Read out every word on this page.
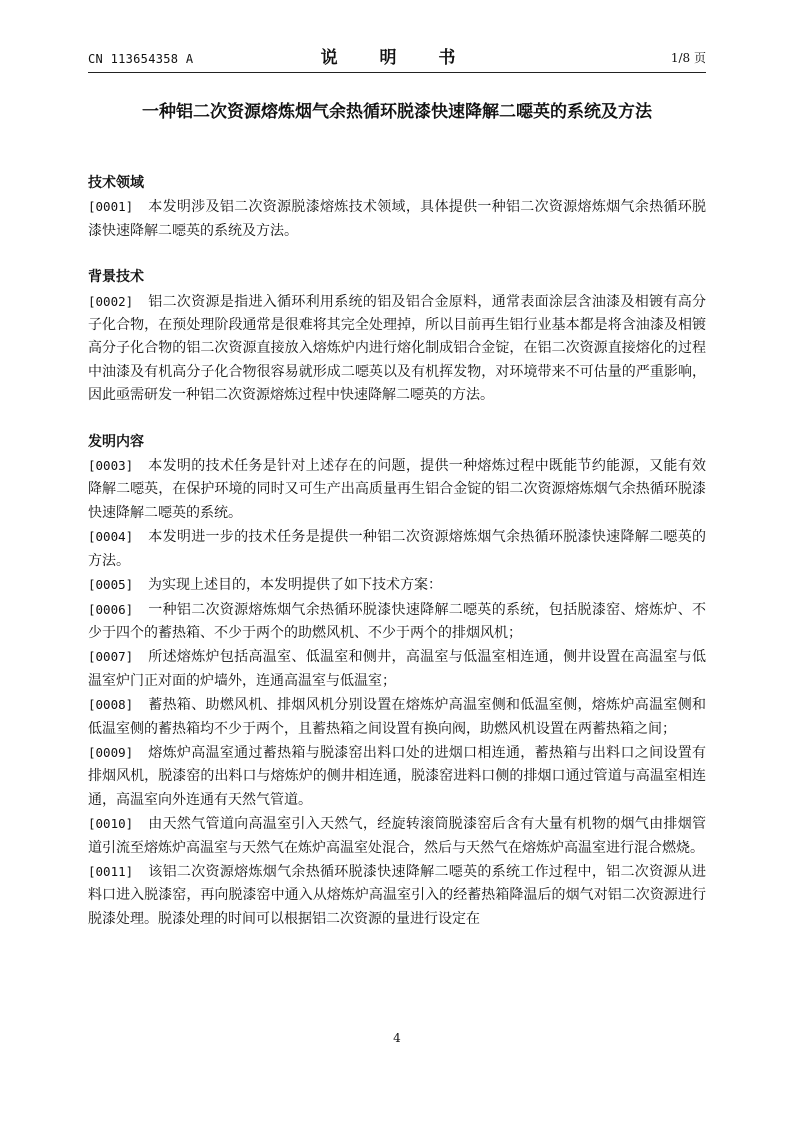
CN 113654358 A	说 明 书	1/8 页
一种铝二次资源熔炼烟气余热循环脱漆快速降解二噁英的系统及方法
技术领域

[0001] 本发明涉及铝二次资源脱漆熔炼技术领域，具体提供一种铝二次资源熔炼烟气余热循环脱漆快速降解二噁英的系统及方法。

背景技术

[0002] 铝二次资源是指进入循环利用系统的铝及铝合金原料，通常表面涂层含油漆及相镀有高分子化合物，在预处理阶段通常是很难将其完全处理掉，所以目前再生铝行业基本都是将含油漆及相镀高分子化合物的铝二次资源直接放入熔炼炉内进行熔化制成铝合金锭，在铝二次资源直接熔化的过程中油漆及有机高分子化合物很容易就形成二噁英以及有机挥发物，对环境带来不可估量的严重影响，因此亟需研发一种铝二次资源熔炼过程中快速降解二噁英的方法。

发明内容

[0003] 本发明的技术任务是针对上述存在的问题，提供一种熔炼过程中既能节约能源，又能有效降解二噁英，在保护环境的同时又可生产出高质量再生铝合金锭的铝二次资源熔炼烟气余热循环脱漆快速降解二噁英的系统。

[0004] 本发明进一步的技术任务是提供一种铝二次资源熔炼烟气余热循环脱漆快速降解二噁英的方法。

[0005] 为实现上述目的，本发明提供了如下技术方案：

[0006] 一种铝二次资源熔炼烟气余热循环脱漆快速降解二噁英的系统，包括脱漆窑、熔炼炉、不少于四个的蓄热箱、不少于两个的助燃风机、不少于两个的排烟风机；

[0007] 所述熔炼炉包括高温室、低温室和侧井，高温室与低温室相连通，侧井设置在高温室与低温室炉门正对面的炉墙外，连通高温室与低温室；

[0008] 蓄热箱、助燃风机、排烟风机分别设置在熔炼炉高温室侧和低温室侧，熔炼炉高温室侧和低温室侧的蓄热箱均不少于两个，且蓄热箱之间设置有换向阀，助燃风机设置在两蓄热箱之间；

[0009] 熔炼炉高温室通过蓄热箱与脱漆窑出料口处的进烟口相连通，蓄热箱与出料口之间设置有排烟风机，脱漆窑的出料口与熔炼炉的侧井相连通，脱漆窑进料口侧的排烟口通过管道与高温室相连通，高温室向外连通有天然气管道。

[0010] 由天然气管道向高温室引入天然气，经旋转滚筒脱漆窑后含有大量有机物的烟气由排烟管道引流至熔炼炉高温室与天然气在炼炉高温室处混合，然后与天然气在熔炼炉高温室进行混合燃烧。

[0011] 该铝二次资源熔炼烟气余热循环脱漆快速降解二噁英的系统工作过程中，铝二次资源从进料口进入脱漆窑，再向脱漆窑中通入从熔炼炉高温室引入的经蓄热箱降温后的烟气对铝二次资源进行脱漆处理。脱漆处理的时间可以根据铝二次资源的量进行设定在

4
